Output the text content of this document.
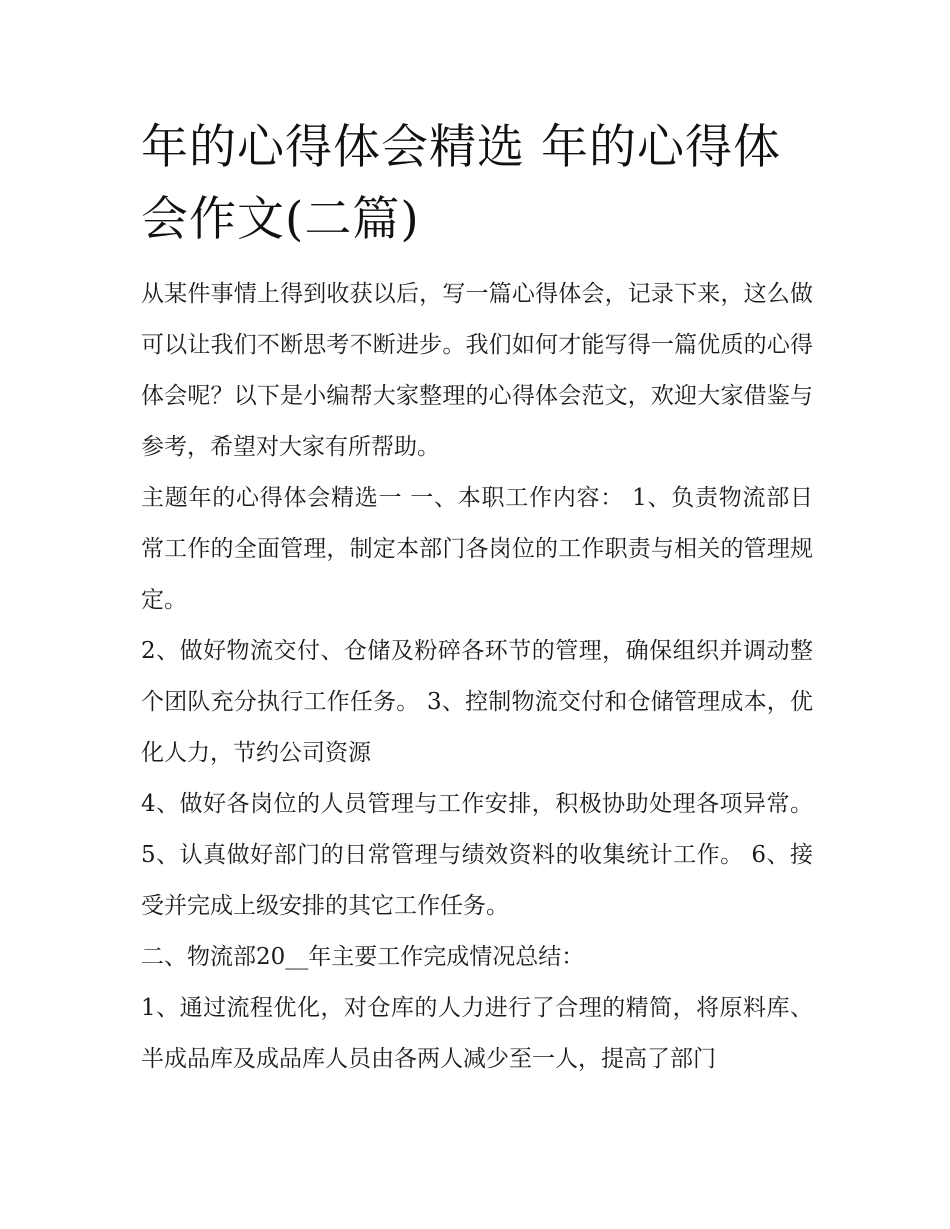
年的心得体会精选 年的心得体会作文(二篇)

从某件事情上得到收获以后，写一篇心得体会，记录下来，这么做可以让我们不断思考不断进步。我们如何才能写得一篇优质的心得体会呢？以下是小编帮大家整理的心得体会范文，欢迎大家借鉴与参考，希望对大家有所帮助。

主题年的心得体会精选一 一、本职工作内容： 1、负责物流部日常工作的全面管理，制定本部门各岗位的工作职责与相关的管理规定。

2、做好物流交付、仓储及粉碎各环节的管理，确保组织并调动整个团队充分执行工作任务。 3、控制物流交付和仓储管理成本，优化人力，节约公司资源

4、做好各岗位的人员管理与工作安排，积极协助处理各项异常。 5、认真做好部门的日常管理与绩效资料的收集统计工作。 6、接受并完成上级安排的其它工作任务。

二、物流部20__年主要工作完成情况总结：

1、通过流程优化，对仓库的人力进行了合理的精简，将原料库、半成品库及成品库人员由各两人减少至一人，提高了部门
